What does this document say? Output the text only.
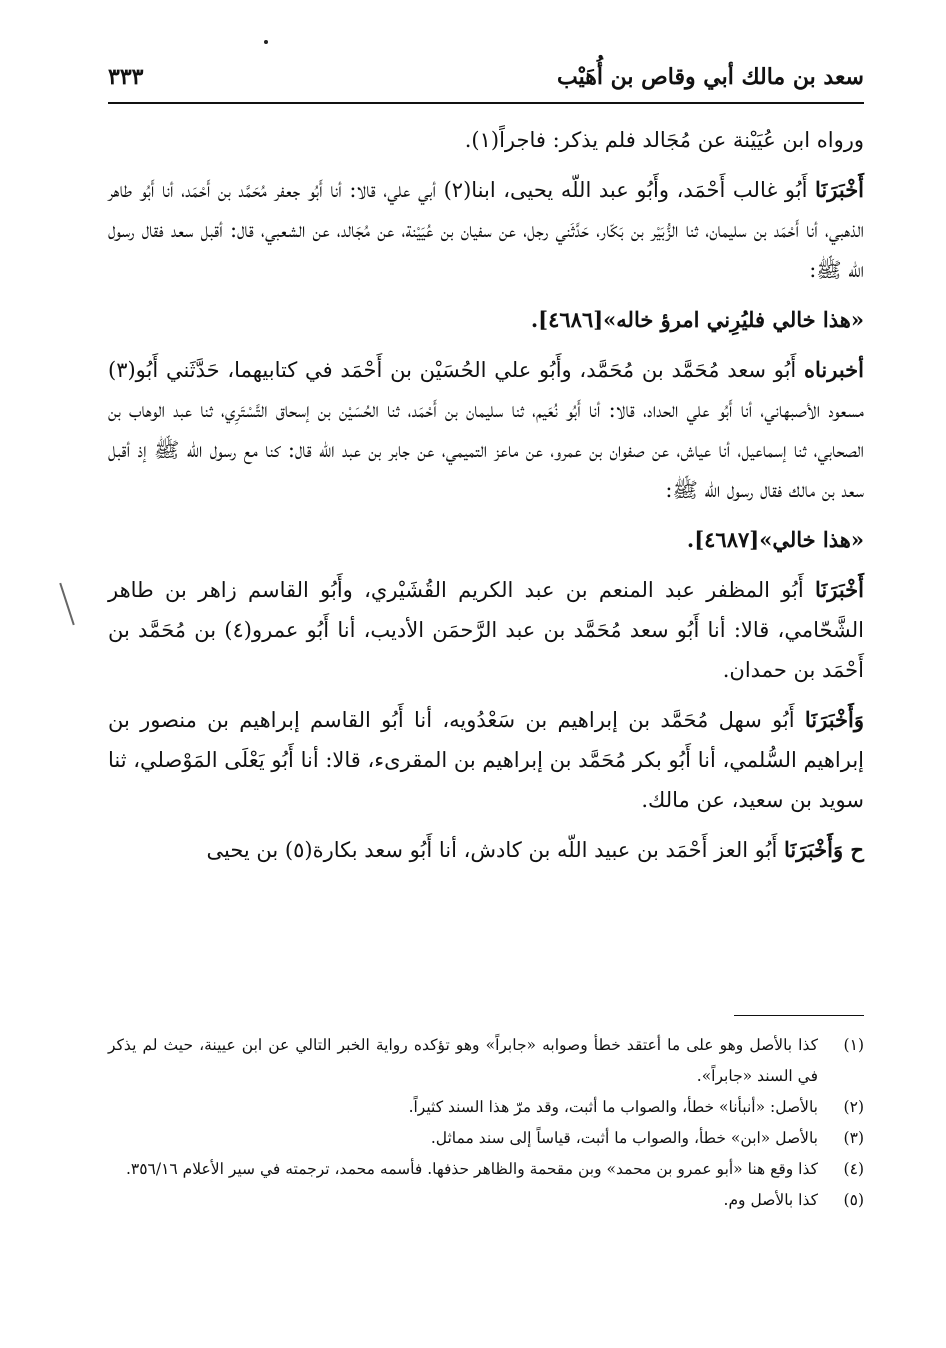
سعد بن مالك أبي وقاص بن أُهَيْب
٣٣٣

ورواه ابن عُيَيْنة عن مُجَالد فلم يذكر: فاجراً(١).

أَخْبَرَنَا أَبُو غالب أَحْمَد، وأَبُو عبد اللّه يحيى، ابنا(٢) أبي علي، قالا: أنا أَبُو جعفر مُحَمَّد بن أَحْمَد، أنا أَبُو طاهر الذهبي، أنا أَحْمَد بن سليمان، ثنا الزُّبَيْر بن بَكّار، حَدَّثَني رجل، عن سفيان بن عُيَيْنة، عن مُجَالد، عن الشعبي، قال: أقبل سعد فقال رسول الله ﷺ:

«هذا خالي فليُرِني امرؤ خاله»[٤٦٨٦].

أخبرناه أَبُو سعد مُحَمَّد بن مُحَمَّد، وأَبُو علي الحُسَيْن بن أَحْمَد في كتابيهما، حَدَّثَني أَبُو(٣) مسعود الأصبهاني، أنا أَبُو علي الحداد، قالا: أنا أَبُو نُعَيم، ثنا سليمان بن أَحْمَد، ثنا الحُسَيْن بن إسحاق التَّسْتَرِي، ثنا عبد الوهاب بن الصحابي، ثنا إسماعيل، أنا عياش، عن صفوان بن عمرو، عن ماعز التميمي، عن جابر بن عبد اللّه قال: كنا مع رسول الله ﷺ إذ أقبل سعد بن مالك فقال رسول الله ﷺ:

«هذا خالي»[٤٦٨٧].

أَخْبَرَنَا أَبُو المظفر عبد المنعم بن عبد الكريم القُشَيْري، وأَبُو القاسم زاهر بن طاهر الشَّحّامي، قالا: أنا أَبُو سعد مُحَمَّد بن عبد الرَّحمَن الأديب، أنا أَبُو عمرو(٤) بن مُحَمَّد بن أَحْمَد بن حمدان.

وَأَخْبَرَنَا أَبُو سهل مُحَمَّد بن إبراهيم بن سَعْدُويه، أنا أَبُو القاسم إبراهيم بن منصور بن إبراهيم السُّلمي، أنا أَبُو بكر مُحَمَّد بن إبراهيم بن المقرىء، قالا: أنا أَبُو يَعْلَى المَوْصلي، ثنا سويد بن سعيد، عن مالك.

ح وَأَخْبَرَنَا أَبُو العز أَحْمَد بن عبيد اللّه بن كادش، أنا أَبُو سعد بكارة(٥) بن يحيى

(١)
كذا بالأصل وهو على ما أعتقد خطأ وصوابه «جابراً» وهو تؤكده رواية الخبر التالي عن ابن عيينة، حيث لم يذكر في السند «جابراً».
(٢)
بالأصل: «أنبأنا» خطأ، والصواب ما أثبت، وقد مرّ هذا السند كثيراً.
(٣)
بالأصل «ابن» خطأ، والصواب ما أثبت، قياساً إلى سند مماثل.
(٤)
كذا وقع هنا «أبو عمرو بن محمد» وبن مقحمة والظاهر حذفها. فأسمه محمد، ترجمته في سير الأعلام ٣٥٦/١٦.
(٥)
كذا بالأصل وم.
